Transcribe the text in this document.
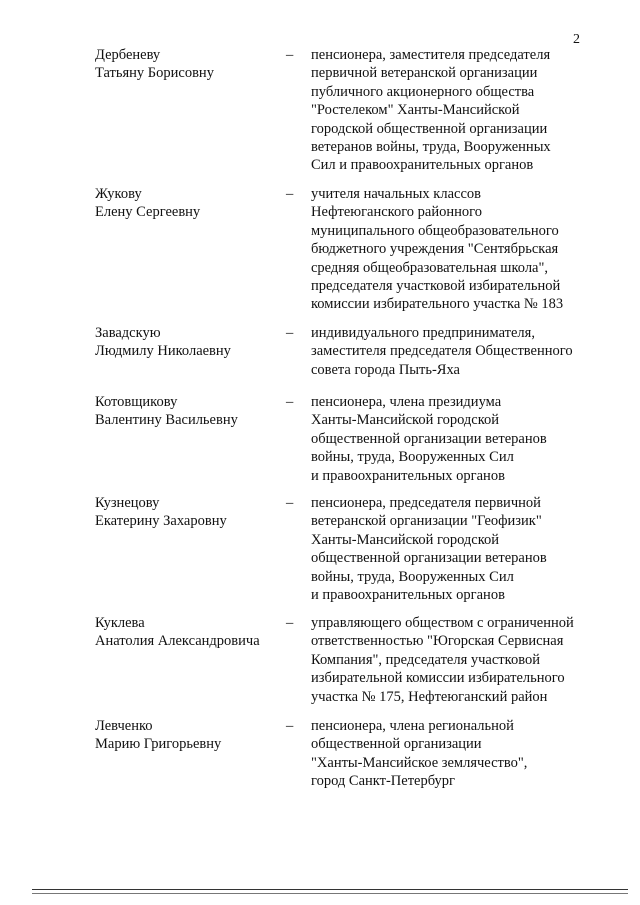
2
Дербеневу
Татьяну Борисовну
– пенсионера, заместителя председателя
первичной ветеранской организации
публичного акционерного общества
"Ростелеком" Ханты-Мансийской
городской общественной организации
ветеранов войны, труда, Вооруженных
Сил и правоохранительных органов
Жукову
Елену Сергеевну
– учителя начальных классов
Нефтеюганского районного
муниципального общеобразовательного
бюджетного учреждения "Сентябрьская
средняя общеобразовательная школа",
председателя участковой избирательной
комиссии избирательного участка № 183
Завадскую
Людмилу Николаевну
– индивидуального предпринимателя,
заместителя председателя Общественного
совета города Пыть-Яха
Котовщикову
Валентину Васильевну
– пенсионера, члена президиума
Ханты-Мансийской городской
общественной организации ветеранов
войны, труда, Вооруженных Сил
и правоохранительных органов
Кузнецову
Екатерину Захаровну
– пенсионера, председателя первичной
ветеранской организации "Геофизик"
Ханты-Мансийской городской
общественной организации ветеранов
войны, труда, Вооруженных Сил
и правоохранительных органов
Куклева
Анатолия Александровича
– управляющего обществом с ограниченной
ответственностью "Югорская Сервисная
Компания", председателя участковой
избирательной комиссии избирательного
участка № 175, Нефтеюганский район
Левченко
Марию Григорьевну
– пенсионера, члена региональной
общественной организации
"Ханты-Мансийское землячество",
город Санкт-Петербург
